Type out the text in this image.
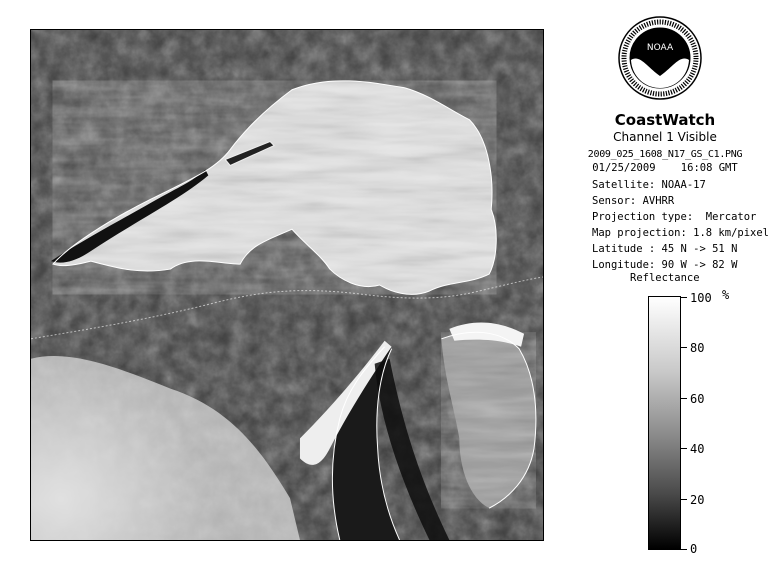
NOAA
CoastWatch
Channel 1 Visible
2009_025_1608_N17_GS_C1.PNG
01/25/2009    16:08 GMT
Satellite: NOAA-17
Sensor: AVHRR
Projection type:  Mercator
Map projection: 1.8 km/pixel
Latitude : 45 N -> 51 N
Longitude: 90 W -> 82 W
Reflectance
%
100
80
60
40
20
0
